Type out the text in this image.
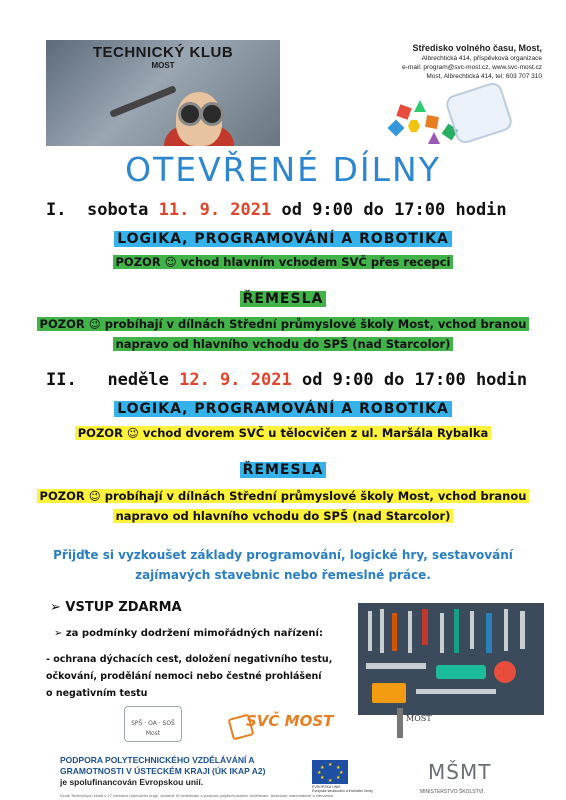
TECHNICKÝ KLUB
MOST
Středisko volného času, Most,
Albrechtická 414, příspěvková organizace
e-mail: program@svc-most.cz, www.svc-most.cz
Most, Albrechtická 414, tel: 603 707 310
OTEVŘENÉ DÍLNY
I. sobota 11. 9. 2021 od 9:00 do 17:00 hodin
LOGIKA, PROGRAMOVÁNÍ A ROBOTIKA
POZOR 😉 vchod hlavním vchodem SVČ přes recepci
ŘEMESLA
POZOR 😉 probíhají v dílnách Střední průmyslové školy Most, vchod branou
napravo od hlavního vchodu do SPŠ (nad Starcolor)
II. neděle 12. 9. 2021 od 9:00 do 17:00 hodin
LOGIKA, PROGRAMOVÁNÍ A ROBOTIKA
POZOR 😉 vchod dvorem SVČ u tělocvičen z ul. Maršála Rybalka
ŘEMESLA
POZOR 😉 probíhají v dílnách Střední průmyslové školy Most, vchod branou
napravo od hlavního vchodu do SPŠ (nad Starcolor)
Přijďte si vyzkoušet základy programování, logické hry, sestavování
zajímavých stavebnic nebo řemeslné práce.
➢ VSTUP ZDARMA
➢ za podmínky dodržení mimořádných nařízení:
- ochrana dýchacích cest, doložení negativního testu,
očkování, prodělání nemoci nebo čestné prohlášení
o negativním testu
SPŠ · OA · SOŠ Most
SVČ MOST	MOST
PODPORA POLYTECHNICKÉHO VZDĚLÁVÁNÍ A
GRAMOTNOSTI V ÚSTECKÉM KRAJI (ÚK IKAP A2)
je spolufinancován Evropskou unií.
Vznik Technických klubů v 17 městech Ústeckého kraje, domeně III vzdělávání a podpora polytechnického vzdělávání, technické matematické a čtenářské
★ ★
★
★
★
★
★
★
EVROPSKÁ UNIE
Evropské strukturální a investiční fondy
MŠMT
MINISTERSTVO ŠKOLSTVÍ,
